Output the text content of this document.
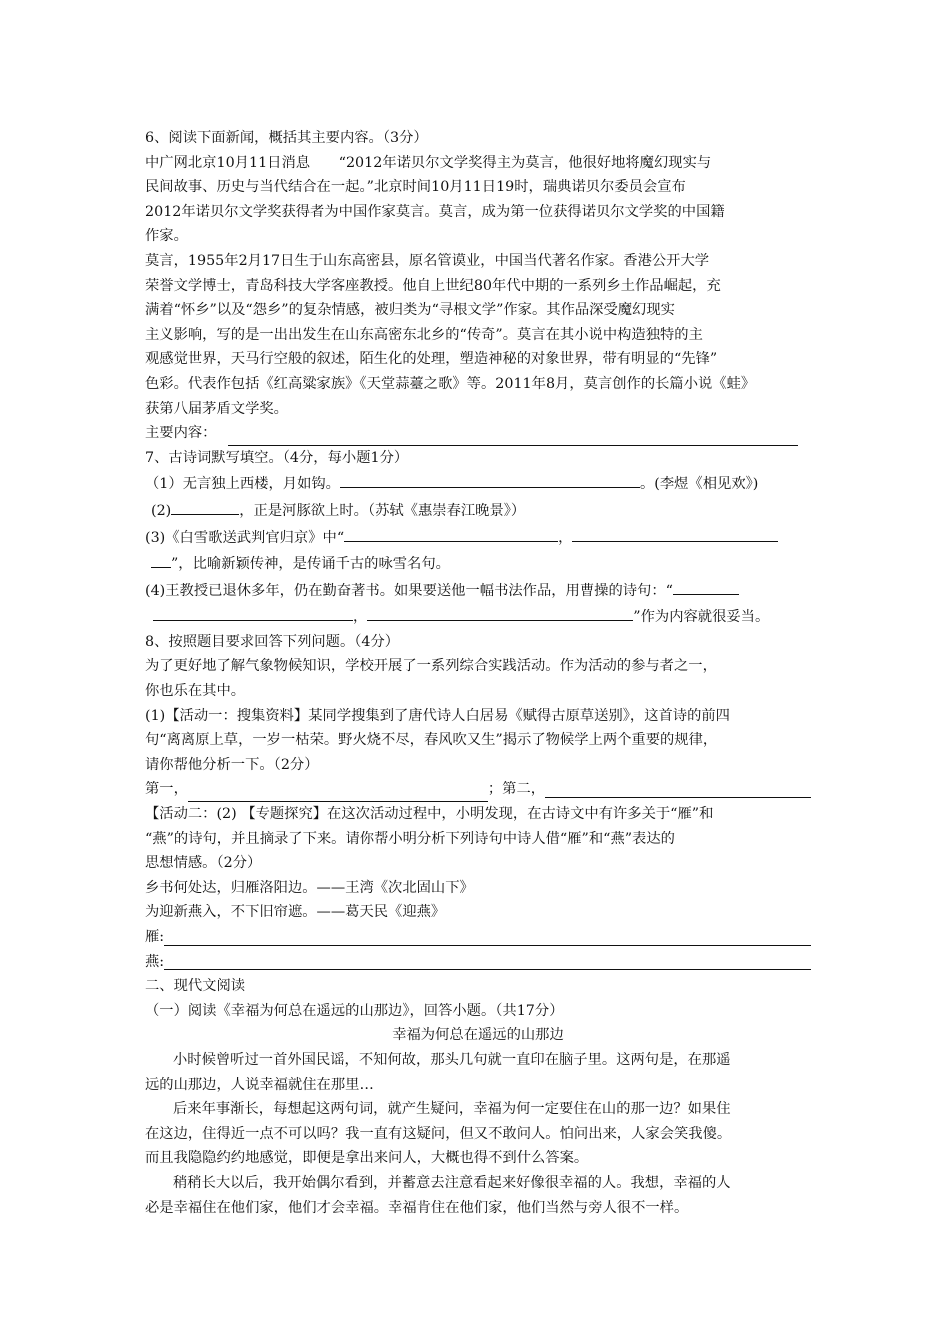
6、阅读下面新闻，概括其主要内容。（3分）
中广网北京10月11日消息　　“2012年诺贝尔文学奖得主为莫言，他很好地将魔幻现实与
民间故事、历史与当代结合在一起。”北京时间10月11日19时，瑞典诺贝尔委员会宣布
2012年诺贝尔文学奖获得者为中国作家莫言。莫言，成为第一位获得诺贝尔文学奖的中国籍
作家。
莫言，1955年2月17日生于山东高密县，原名管谟业，中国当代著名作家。香港公开大学
荣誉文学博士，青岛科技大学客座教授。他自上世纪80年代中期的一系列乡土作品崛起，充
满着“怀乡”以及“怨乡”的复杂情感，被归类为“寻根文学”作家。其作品深受魔幻现实
主义影响，写的是一出出发生在山东高密东北乡的“传奇”。莫言在其小说中构造独特的主
观感觉世界，天马行空般的叙述，陌生化的处理，塑造神秘的对象世界，带有明显的“先锋”
色彩。代表作包括《红高粱家族》《天堂蒜薹之歌》等。2011年8月，莫言创作的长篇小说《蛙》
获第八届茅盾文学奖。
主要内容：
7、古诗词默写填空。（4分，每小题1分）
（1）无言独上西楼，月如钩。	。(李煜《相见欢》)
(2)	，正是河豚欲上时。（苏轼《惠崇春江晚景》）
(3)《白雪歌送武判官归京》中“	，
”，比喻新颖传神，是传诵千古的咏雪名句。
(4)王教授已退休多年，仍在勤奋著书。如果要送他一幅书法作品，用曹操的诗句：“
，	”作为内容就很妥当。
8、按照题目要求回答下列问题。（4分）
为了更好地了解气象物候知识，学校开展了一系列综合实践活动。作为活动的参与者之一，
你也乐在其中。
(1)【活动一：搜集资料】某同学搜集到了唐代诗人白居易《赋得古原草送别》，这首诗的前四
句“离离原上草，一岁一枯荣。野火烧不尽，春风吹又生”揭示了物候学上两个重要的规律，
请你帮他分析一下。（2分）
第一，	；第二，
【活动二：(2) 【专题探究】在这次活动过程中，小明发现，在古诗文中有许多关于“雁”和
“燕”的诗句，并且摘录了下来。请你帮小明分析下列诗句中诗人借“雁”和“燕”表达的
思想情感。（2分）
乡书何处达，归雁洛阳边。——王湾《次北固山下》
为迎新燕入，不下旧帘遮。——葛天民《迎燕》
雁:
燕:
二、现代文阅读
（一）阅读《幸福为何总在遥远的山那边》，回答小题。（共17分）
幸福为何总在遥远的山那边
小时候曾听过一首外国民谣，不知何故，那头几句就一直印在脑子里。这两句是，在那遥
远的山那边，人说幸福就住在那里…
后来年事渐长，每想起这两句词，就产生疑问，幸福为何一定要住在山的那一边？如果住
在这边，住得近一点不可以吗？我一直有这疑问，但又不敢问人。怕问出来，人家会笑我傻。
而且我隐隐约约地感觉，即便是拿出来问人，大概也得不到什么答案。
稍稍长大以后，我开始偶尔看到，并蓄意去注意看起来好像很幸福的人。我想，幸福的人
必是幸福住在他们家，他们才会幸福。幸福肯住在他们家，他们当然与旁人很不一样。
